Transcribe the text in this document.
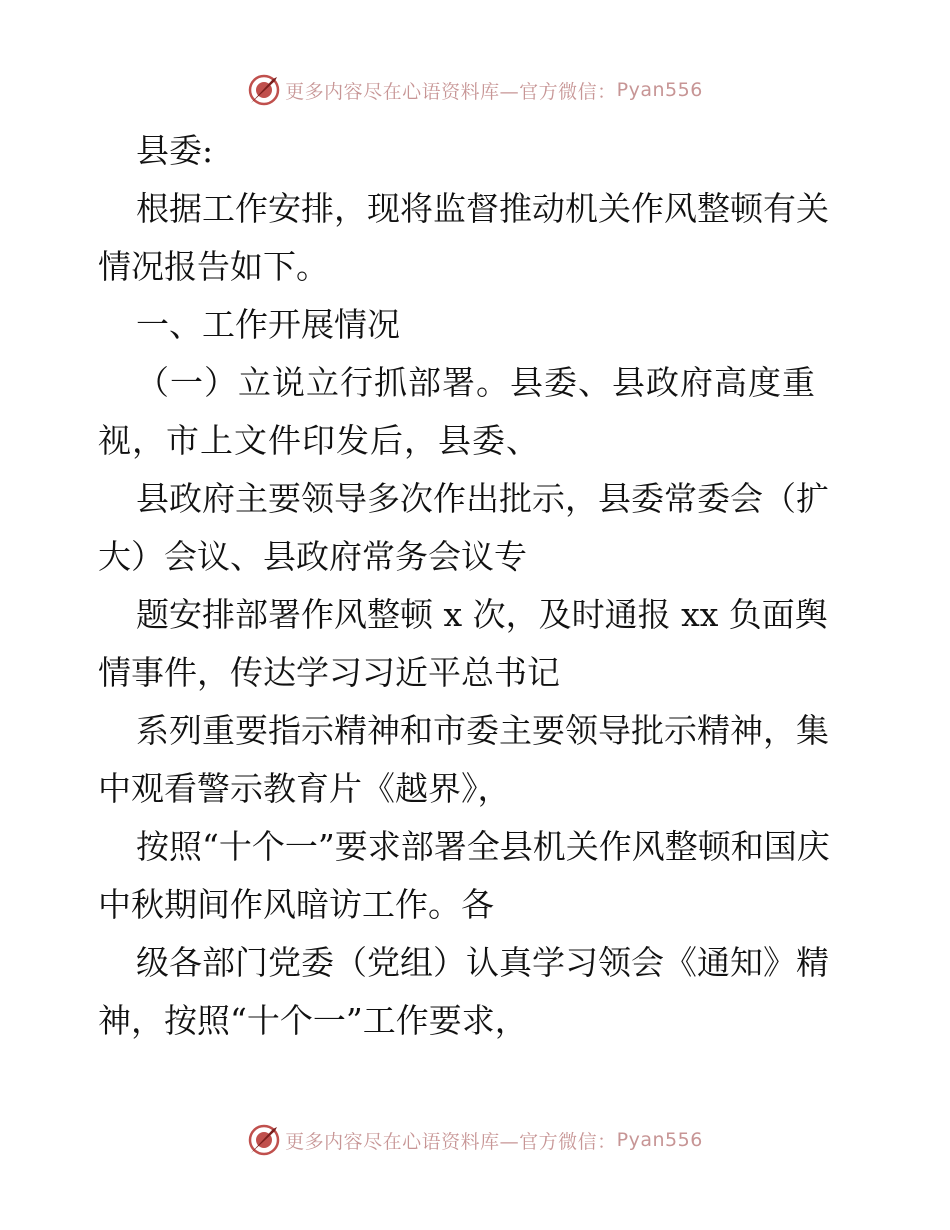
更多内容尽在心语资料库—官方微信： Pyan556

县委:

根据工作安排，现将监督推动机关作风整顿有关情况报告如下。

一、工作开展情况

（一）立说立行抓部署。县委、县政府高度重视，市上文件印发后，县委、

县政府主要领导多次作出批示，县委常委会（扩大）会议、县政府常务会议专

题安排部署作风整顿 x 次，及时通报 xx 负面舆情事件，传达学习习近平总书记

系列重要指示精神和市委主要领导批示精神，集中观看警示教育片《越界》，

按照“十个一”要求部署全县机关作风整顿和国庆中秋期间作风暗访工作。各

级各部门党委（党组）认真学习领会《通知》精神，按照“十个一”工作要求，

更多内容尽在心语资料库—官方微信： Pyan556
